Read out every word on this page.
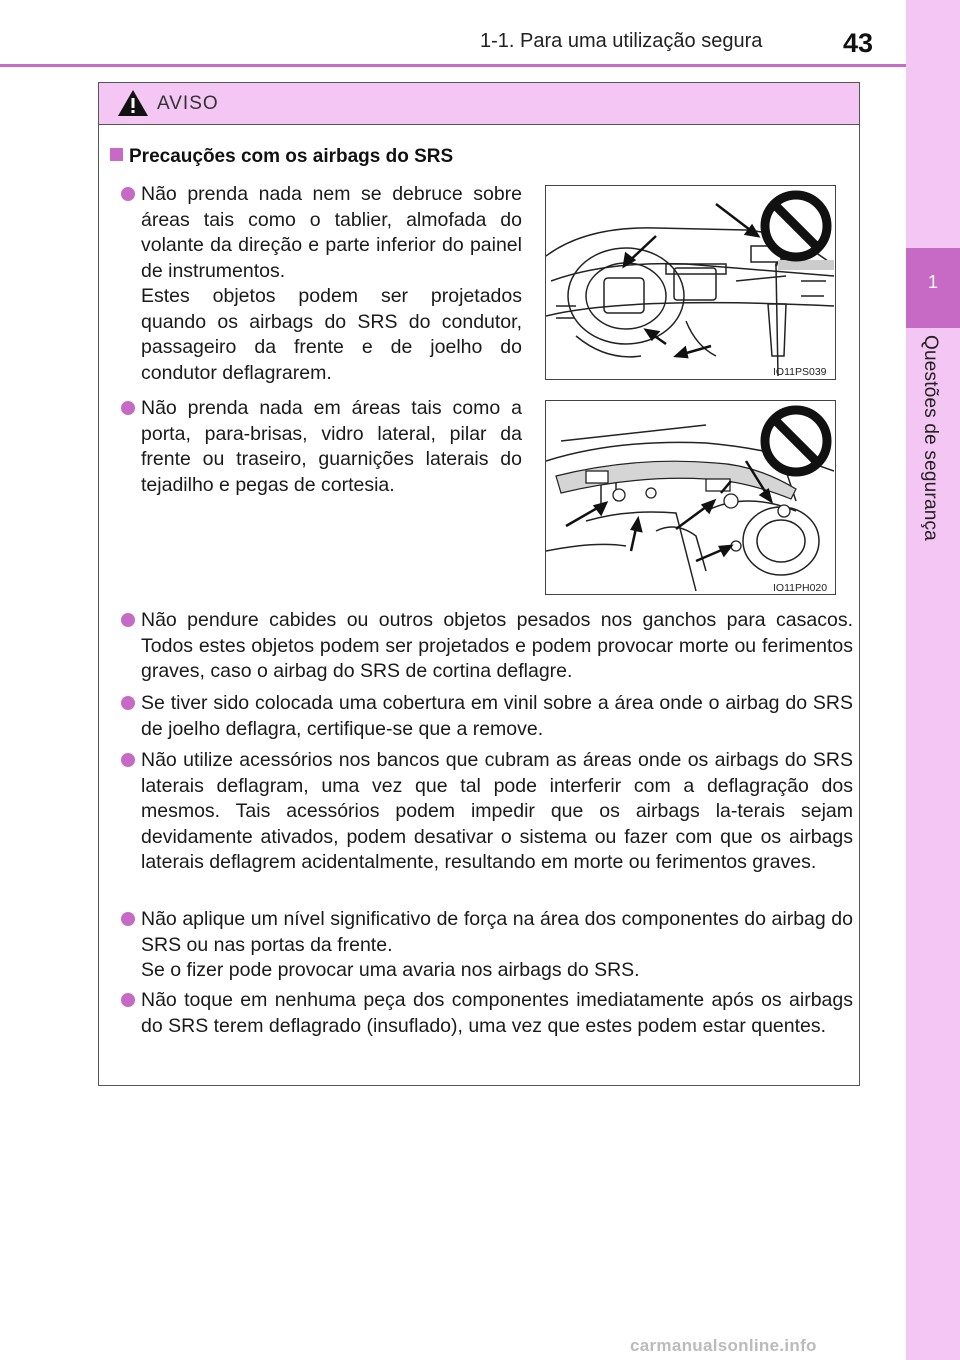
1-1. Para uma utilização segura	43
1
Questões de segurança
AVISO
Precauções com os airbags do SRS

Não prenda nada nem se debruce sobre áreas tais como o tablier, almofada do volante da direção e parte inferior do painel de instrumentos.

Estes objetos podem ser projetados quando os airbags do SRS do condutor, passageiro da frente e de joelho do condutor deflagrarem.	IO11PS039

Não prenda nada em áreas tais como a porta, para-brisas, vidro lateral, pilar da frente ou traseiro, guarnições laterais do tejadilho e pegas de cortesia.

IO11PH020

Não pendure cabides ou outros objetos pesados nos ganchos para casacos. Todos estes objetos podem ser projetados e podem provocar morte ou ferimentos graves, caso o airbag do SRS de cortina deflagre.

Se tiver sido colocada uma cobertura em vinil sobre a área onde o airbag do SRS de joelho deflagra, certifique-se que a remove.

Não utilize acessórios nos bancos que cubram as áreas onde os airbags do SRS laterais deflagram, uma vez que tal pode interferir com a deflagração dos mesmos. Tais acessórios podem impedir que os airbags la-terais sejam devidamente ativados, podem desativar o sistema ou fazer com que os airbags laterais deflagrem acidentalmente, resultando em morte ou ferimentos graves.

Não aplique um nível significativo de força na área dos componentes do airbag do SRS ou nas portas da frente.

Se o fizer pode provocar uma avaria nos airbags do SRS.

Não toque em nenhuma peça dos componentes imediatamente após os airbags do SRS terem deflagrado (insuflado), uma vez que estes podem estar quentes.

carmanualsonline.info
